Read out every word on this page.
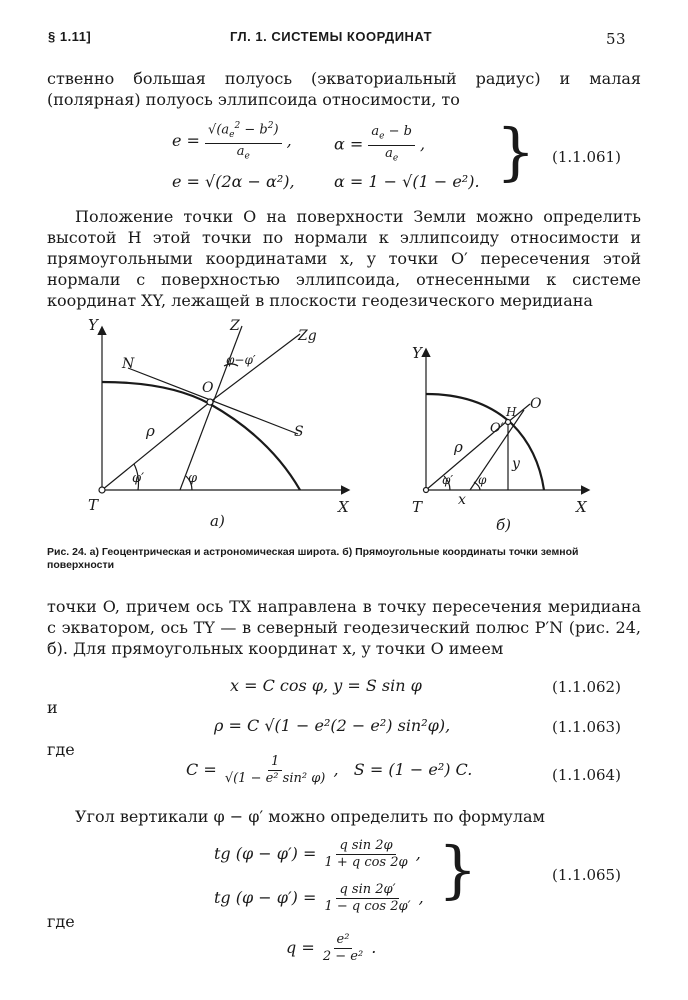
§ 1.11]	ГЛ. 1. СИСТЕМЫ КООРДИНАТ	53
ственно большая полуось (экваториальный радиус) и малая (полярная) полуось эллипсоида относимости, то
$e = \frac{√(a_e^2 - b^2)}{a_e}$ ,	$\alpha = \frac{a_e - b}{a_e}$ ,
e = √(2α − α²), α = 1 − √(1 − e²). } (1.1.061)
Положение точки O на поверхности Земли можно определить высотой H этой точки по нормали к эллипсоиду относимости и прямоугольными координатами x, y точки O′ пересечения этой нормали с поверхностью эллипсоида, отнесенными к системе координат XY, лежащей в плоскости геодезического меридиана
Y
X
T
Z
Zg
N
O
S
ρ
φ′	φ
φ−φ′
а)
Y
X
T
O
O′
H
ρ
φ′ φ
x
y
б)
Рис. 24. а) Геоцентрическая и астрономическая широта. б) Прямоугольные координаты точки земной поверхности
точки O, причем ось TX направлена в точку пересечения меридиана с экватором, ось TY — в северный геодезический полюс P′N (рис. 24, б). Для прямоугольных координат x, y точки O имеем
x = C cos φ, y = S sin φ	(1.1.062)
и
ρ = C √(1 − e²(2 − e²) sin²φ),	(1.1.063)
где
$C = \frac{1}{\text{√(1 − e² sin² φ)}}$ ,   S = (1 − e²) C.	(1.1.064)
Угол вертикали φ − φ′ можно определить по формулам
tg $(\varphi - \varphi') = \frac{\text{q sin 2φ}}{\text{1 + q cos 2φ}}$ ,
tg $(\varphi - \varphi') = \frac{\text{q sin 2φ′}}{\text{1 − q cos 2φ′}}$ , }	(1.1.065)
где
$q = \frac{\text{e²}}{\text{2 − e²}}$ .
